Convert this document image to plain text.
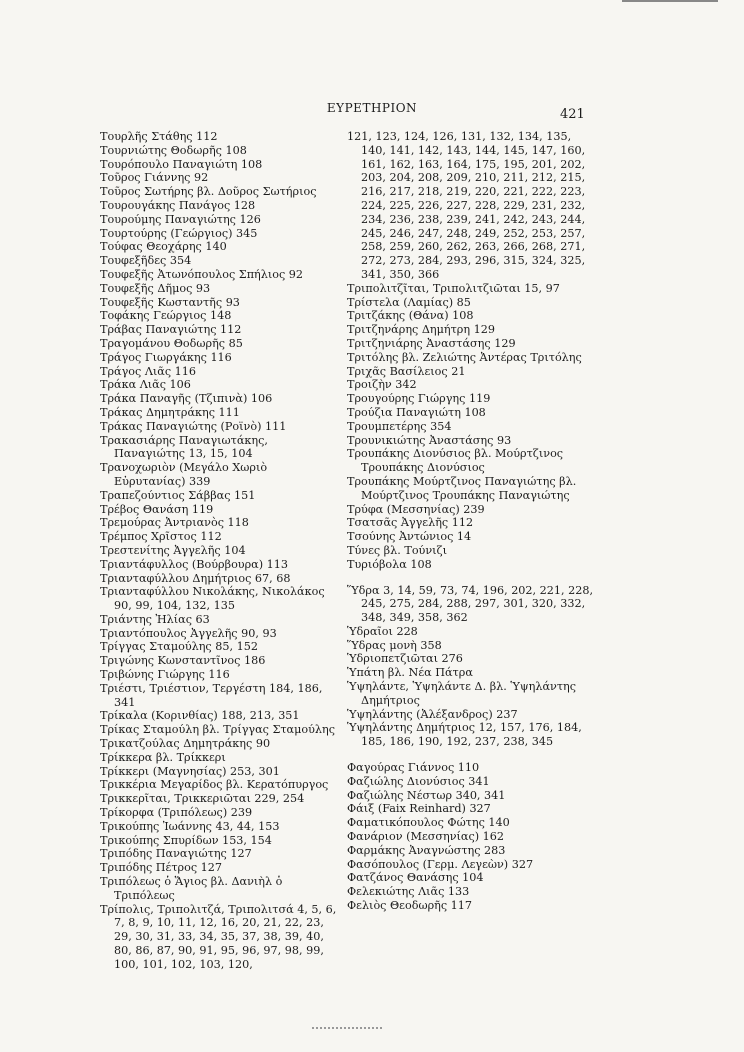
ΕΥΡΕΤΗΡΙΟΝ	421
Τουρλῆς Στάθης 112
Τουρνιώτης Θοδωρῆς 108
Τουρόπουλο Παναγιώτη 108
Τοῦρος Γιάννης 92
Τοῦρος Σωτήρης βλ. Δοῦρος Σωτήριος
Τουρουγάκης Πανάγος 128
Τουρούμης Παναγιώτης 126
Τουρτούρης (Γεώργιος) 345
Τούφας Θεοχάρης 140
Τουφεξῆδες 354
Τουφεξῆς Ἀτωνόπουλος Σπήλιος 92
Τουφεξῆς Δῆμος 93
Τουφεξῆς Κωσταντῆς 93
Τοφάκης Γεώργιος 148
Τράβας Παναγιώτης 112
Τραγομάνου Θοδωρῆς 85
Τράγος Γιωργάκης 116
Τράγος Λιᾶς 116
Τράκα Λιᾶς 106
Τράκα Παναγῆς (Τζιπινὰ) 106
Τράκας Δημητράκης 111
Τράκας Παναγιώτης (Ροϊνὸ) 111
Τρακασιάρης Παναγιωτάκης, Παναγιώτης 13, 15, 104
Τρανοχωριὸν (Μεγάλο Χωριὸ Εὐρυτανίας) 339
Τραπεζούντιος Σάββας 151
Τρέβος Θανάση 119
Τρεμούρας Ἀντριανὸς 118
Τρέμπος Χρῖστος 112
Τρεστενίτης Ἀγγελῆς 104
Τριαντάφυλλος (Βούρβουρα) 113
Τριανταφύλλου Δημήτριος 67, 68
Τριανταφύλλου Νικολάκης, Νικολάκος 90, 99, 104, 132, 135
Τριάντης Ἠλίας 63
Τριαντόπουλος Ἀγγελῆς 90, 93
Τρίγγας Σταμούλης 85, 152
Τριγώνης Κωνσταντῖνος 186
Τριβώνης Γιώργης 116
Τριέστι, Τριέστιον, Τεργέστη 184, 186, 341
Τρίκαλα (Κορινθίας) 188, 213, 351
Τρίκας Σταμούλη βλ. Τρίγγας Σταμούλης
Τρικατζούλας Δημητράκης 90
Τρίκκερα βλ. Τρίκκερι
Τρίκκερι (Μαγνησίας) 253, 301
Τρικκέρια Μεγαρίδος βλ. Κερατόπυργος
Τρικκερῖται, Τρικκεριῶται 229, 254
Τρίκορφα (Τριπόλεως) 239
Τρικούπης Ἰωάννης 43, 44, 153
Τρικούπης Σπυρίδων 153, 154
Τριπόδης Παναγιώτης 127
Τριπόδης Πέτρος 127
Τριπόλεως ὁ Ἅγιος βλ. Δανιὴλ ὁ Τριπόλεως
Τρίπολις, Τριπολιτζά, Τριπολιτσά 4, 5, 6, 7, 8, 9, 10, 11, 12, 16, 20, 21, 22, 23, 29, 30, 31, 33, 34, 35, 37, 38, 39, 40, 80, 86, 87, 90, 91, 95, 96, 97, 98, 99, 100, 101, 102, 103, 120,
121, 123, 124, 126, 131, 132, 134, 135, 140, 141, 142, 143, 144, 145, 147, 160, 161, 162, 163, 164, 175, 195, 201, 202, 203, 204, 208, 209, 210, 211, 212, 215, 216, 217, 218, 219, 220, 221, 222, 223, 224, 225, 226, 227, 228, 229, 231, 232, 234, 236, 238, 239, 241, 242, 243, 244, 245, 246, 247, 248, 249, 252, 253, 257, 258, 259, 260, 262, 263, 266, 268, 271, 272, 273, 284, 293, 296, 315, 324, 325, 341, 350, 366
Τριπολιτζῖται, Τριπολιτζιῶται 15, 97
Τρίστελα (Λαμίας) 85
Τριτζάκης (Θάνα) 108
Τριτζηνάρης Δημήτρη 129
Τριτζηνιάρης Ἀναστάσης 129
Τριτόλης βλ. Ζελιώτης Ἀντέρας Τριτόλης
Τριχᾶς Βασίλειος 21
Τροιζὴν 342
Τρουγούρης Γιώργης 119
Τρούζια Παναγιώτη 108
Τρουμπετέρης 354
Τρουνικιώτης Ἀναστάσης 93
Τρουπάκης Διονύσιος βλ. Μούρτζινος Τρουπάκης Διονύσιος
Τρουπάκης Μούρτζινος Παναγιώτης βλ. Μούρτζινος Τρουπάκης Παναγιώτης
Τρύφα (Μεσσηνίας) 239
Τσατσᾶς Ἀγγελῆς 112
Τσούνης Ἀντώνιος 14
Τύνες βλ. Τούνιζι
Τυριόβολα 108
Ὕδρα 3, 14, 59, 73, 74, 196, 202, 221, 228, 245, 275, 284, 288, 297, 301, 320, 332, 348, 349, 358, 362
Ὑδραῖοι 228
Ὕδρας μονὴ 358
Ὑδριοπετζιῶται 276
Ὑπάτη βλ. Νέα Πάτρα
Ὑψηλάντε, Ὑψηλάντε Δ. βλ. Ὑψηλάντης Δημήτριος
Ὑψηλάντης (Ἀλέξανδρος) 237
Ὑψηλάντης Δημήτριος 12, 157, 176, 184, 185, 186, 190, 192, 237, 238, 345
Φαγούρας Γιάννος 110
Φαζιώλης Διονύσιος 341
Φαζιώλης Νέστωρ 340, 341
Φάιξ (Faix Reinhard) 327
Φαματικόπουλος Φώτης 140
Φανάριον (Μεσσηνίας) 162
Φαρμάκης Ἀναγνώστης 283
Φασόπουλος (Γερμ. Λεγεὼν) 327
Φατζάνος Θανάσης 104
Φελεκιώτης Λιᾶς 133
Φελιὸς Θεοδωρῆς 117
